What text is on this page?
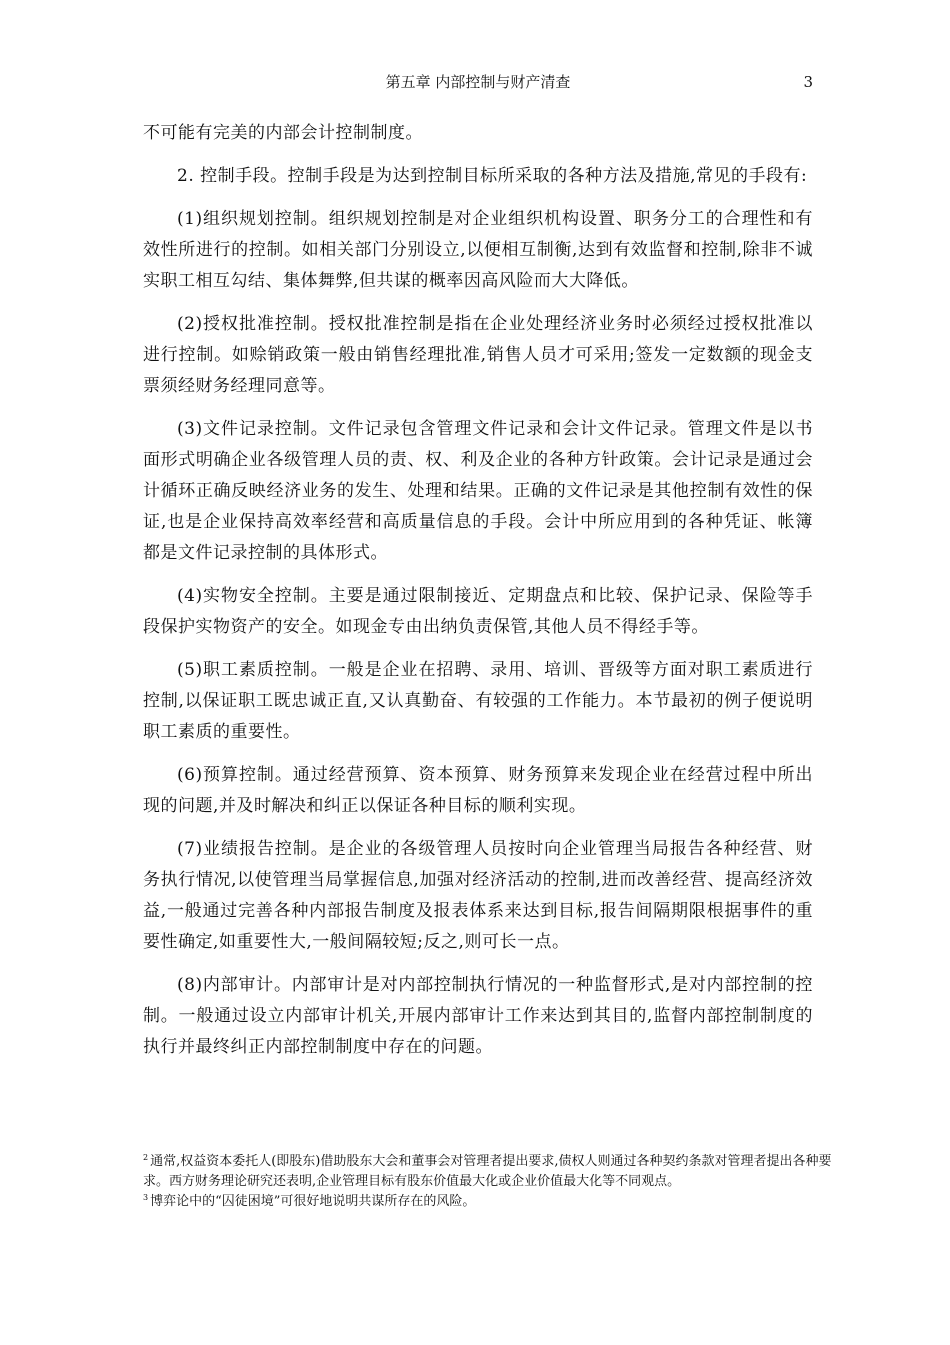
第五章 内部控制与财产清查	3

不可能有完美的内部会计控制制度。

2. 控制手段。控制手段是为达到控制目标所采取的各种方法及措施,常见的手段有:

(1)组织规划控制。组织规划控制是对企业组织机构设置、职务分工的合理性和有效性所进行的控制。如相关部门分别设立,以便相互制衡,达到有效监督和控制,除非不诚实职工相互勾结、集体舞弊,但共谋的概率因高风险而大大降低。

(2)授权批准控制。授权批准控制是指在企业处理经济业务时必须经过授权批准以进行控制。如赊销政策一般由销售经理批准,销售人员才可采用;签发一定数额的现金支票须经财务经理同意等。

(3)文件记录控制。文件记录包含管理文件记录和会计文件记录。管理文件是以书面形式明确企业各级管理人员的责、权、利及企业的各种方针政策。会计记录是通过会计循环正确反映经济业务的发生、处理和结果。正确的文件记录是其他控制有效性的保证,也是企业保持高效率经营和高质量信息的手段。会计中所应用到的各种凭证、帐簿都是文件记录控制的具体形式。

(4)实物安全控制。主要是通过限制接近、定期盘点和比较、保护记录、保险等手段保护实物资产的安全。如现金专由出纳负责保管,其他人员不得经手等。

(5)职工素质控制。一般是企业在招聘、录用、培训、晋级等方面对职工素质进行控制,以保证职工既忠诚正直,又认真勤奋、有较强的工作能力。本节最初的例子便说明职工素质的重要性。

(6)预算控制。通过经营预算、资本预算、财务预算来发现企业在经营过程中所出现的问题,并及时解决和纠正以保证各种目标的顺利实现。

(7)业绩报告控制。是企业的各级管理人员按时向企业管理当局报告各种经营、财务执行情况,以使管理当局掌握信息,加强对经济活动的控制,进而改善经营、提高经济效益,一般通过完善各种内部报告制度及报表体系来达到目标,报告间隔期限根据事件的重要性确定,如重要性大,一般间隔较短;反之,则可长一点。

(8)内部审计。内部审计是对内部控制执行情况的一种监督形式,是对内部控制的控制。一般通过设立内部审计机关,开展内部审计工作来达到其目的,监督内部控制制度的执行并最终纠正内部控制制度中存在的问题。

$^2$ 通常,权益资本委托人(即股东)借助股东大会和董事会对管理者提出要求,债权人则通过各种契约条款对管理者提出各种要求。西方财务理论研究还表明,企业管理目标有股东价值最大化或企业价值最大化等不同观点。

$^3$ 博弈论中的“囚徒困境”可很好地说明共谋所存在的风险。
